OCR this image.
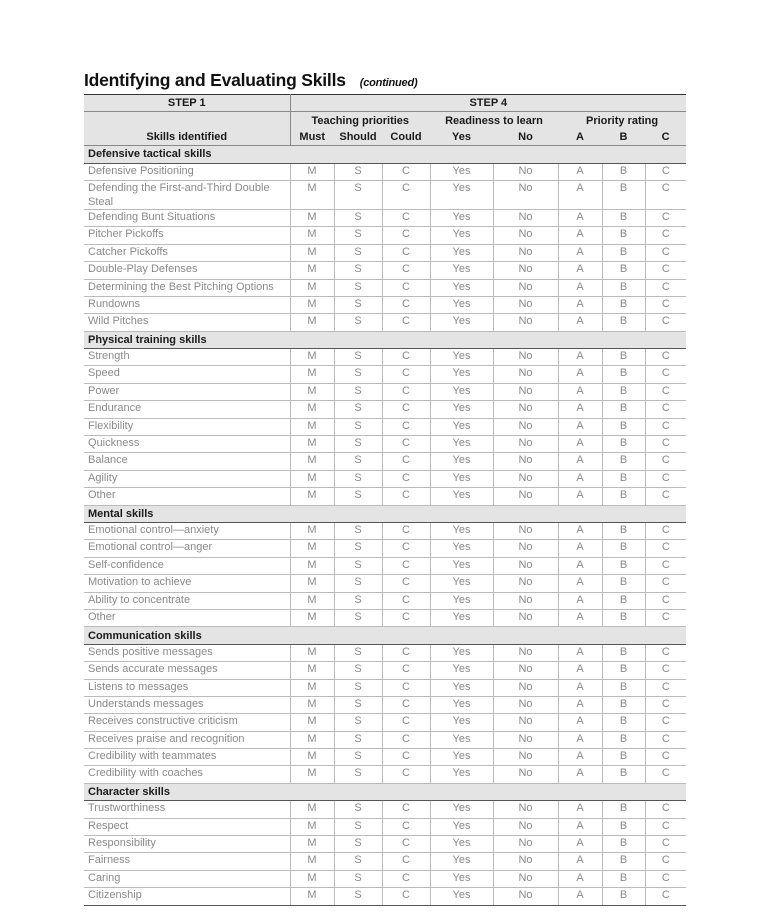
Identifying and Evaluating Skills (continued)
STEP 1	STEP 4							
	Teaching priorities			Readiness to learn		Priority rating		
Skills identified	Must	Should	Could	Yes	No	A	B	C
Defensive tactical skills								
Defensive Positioning	M	S	C	Yes	No	A	B	C
Defending the First-and-Third Double Steal	M	S	C	Yes	No	A	B	C
Defending Bunt Situations	M	S	C	Yes	No	A	B	C
Pitcher Pickoffs	M	S	C	Yes	No	A	B	C
Catcher Pickoffs	M	S	C	Yes	No	A	B	C
Double-Play Defenses	M	S	C	Yes	No	A	B	C
Determining the Best Pitching Options	M	S	C	Yes	No	A	B	C
Rundowns	M	S	C	Yes	No	A	B	C
Wild Pitches	M	S	C	Yes	No	A	B	C
Physical training skills								
Strength	M	S	C	Yes	No	A	B	C
Speed	M	S	C	Yes	No	A	B	C
Power	M	S	C	Yes	No	A	B	C
Endurance	M	S	C	Yes	No	A	B	C
Flexibility	M	S	C	Yes	No	A	B	C
Quickness	M	S	C	Yes	No	A	B	C
Balance	M	S	C	Yes	No	A	B	C
Agility	M	S	C	Yes	No	A	B	C
Other	M	S	C	Yes	No	A	B	C
Mental skills								
Emotional control—anxiety	M	S	C	Yes	No	A	B	C
Emotional control—anger	M	S	C	Yes	No	A	B	C
Self-confidence	M	S	C	Yes	No	A	B	C
Motivation to achieve	M	S	C	Yes	No	A	B	C
Ability to concentrate	M	S	C	Yes	No	A	B	C
Other	M	S	C	Yes	No	A	B	C
Communication skills								
Sends positive messages	M	S	C	Yes	No	A	B	C
Sends accurate messages	M	S	C	Yes	No	A	B	C
Listens to messages	M	S	C	Yes	No	A	B	C
Understands messages	M	S	C	Yes	No	A	B	C
Receives constructive criticism	M	S	C	Yes	No	A	B	C
Receives praise and recognition	M	S	C	Yes	No	A	B	C
Credibility with teammates	M	S	C	Yes	No	A	B	C
Credibility with coaches	M	S	C	Yes	No	A	B	C
Character skills								
Trustworthiness	M	S	C	Yes	No	A	B	C
Respect	M	S	C	Yes	No	A	B	C
Responsibility	M	S	C	Yes	No	A	B	C
Fairness	M	S	C	Yes	No	A	B	C
Caring	M	S	C	Yes	No	A	B	C
Citizenship	M	S	C	Yes	No	A	B	C
